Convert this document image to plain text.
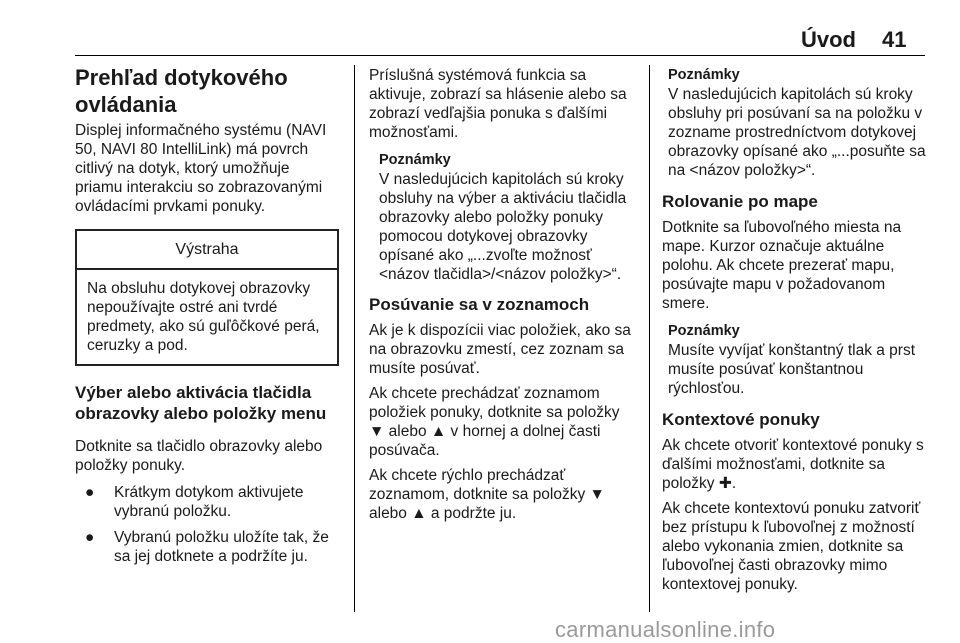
Úvod 41
Prehľad dotykového ovládania

Displej informačného systému (NAVI 50, NAVI 80 IntelliLink) má povrch citlivý na dotyk, ktorý umožňuje priamu interakciu so zobrazovanými ovládacími prvkami ponuky.

Výstraha
Na obsluhu dotykovej obrazovky nepoužívajte ostré ani tvrdé predmety, ako sú guľôčkové perá, ceruzky a pod.
Výber alebo aktivácia tlačidla obrazovky alebo položky menu

Dotknite sa tlačidlo obrazovky alebo položky ponuky.

● Krátkym dotykom aktivujete vybranú položku.
● Vybranú položku uložíte tak, že sa jej dotknete a podržíte ju.

Príslušná systémová funkcia sa aktivuje, zobrazí sa hlásenie alebo sa zobrazí vedľajšia ponuka s ďalšími možnosťami.

Poznámky
V nasledujúcich kapitolách sú kroky obsluhy na výber a aktiváciu tlačidla obrazovky alebo položky ponuky pomocou dotykovej obrazovky opísané ako „...zvoľte možnosť <názov tlačidla>/<názov položky>“.
Posúvanie sa v zoznamoch

Ak je k dispozícii viac položiek, ako sa na obrazovku zmestí, cez zoznam sa musíte posúvať.

Ak chcete prechádzať zoznamom položiek ponuky, dotknite sa položky ▼ alebo ▲ v hornej a dolnej časti posúvača.

Ak chcete rýchlo prechádzať zoznamom, dotknite sa položky ▼ alebo ▲ a podržte ju.

Poznámky
V nasledujúcich kapitolách sú kroky obsluhy pri posúvaní sa na položku v zozname prostredníctvom dotykovej obrazovky opísané ako „...posuňte sa na <názov položky>“.
Rolovanie po mape

Dotknite sa ľubovoľného miesta na mape. Kurzor označuje aktuálne polohu. Ak chcete prezerať mapu, posúvajte mapu v požadovanom smere.

Poznámky
Musíte vyvíjať konštantný tlak a prst musíte posúvať konštantnou rýchlosťou.
Kontextové ponuky

Ak chcete otvoriť kontextové ponuky s ďalšími možnosťami, dotknite sa položky ✚.

Ak chcete kontextovú ponuku zatvoriť bez prístupu k ľubovoľnej z možností alebo vykonania zmien, dotknite sa ľubovoľnej časti obrazovky mimo kontextovej ponuky.

carmanualsonline.info
